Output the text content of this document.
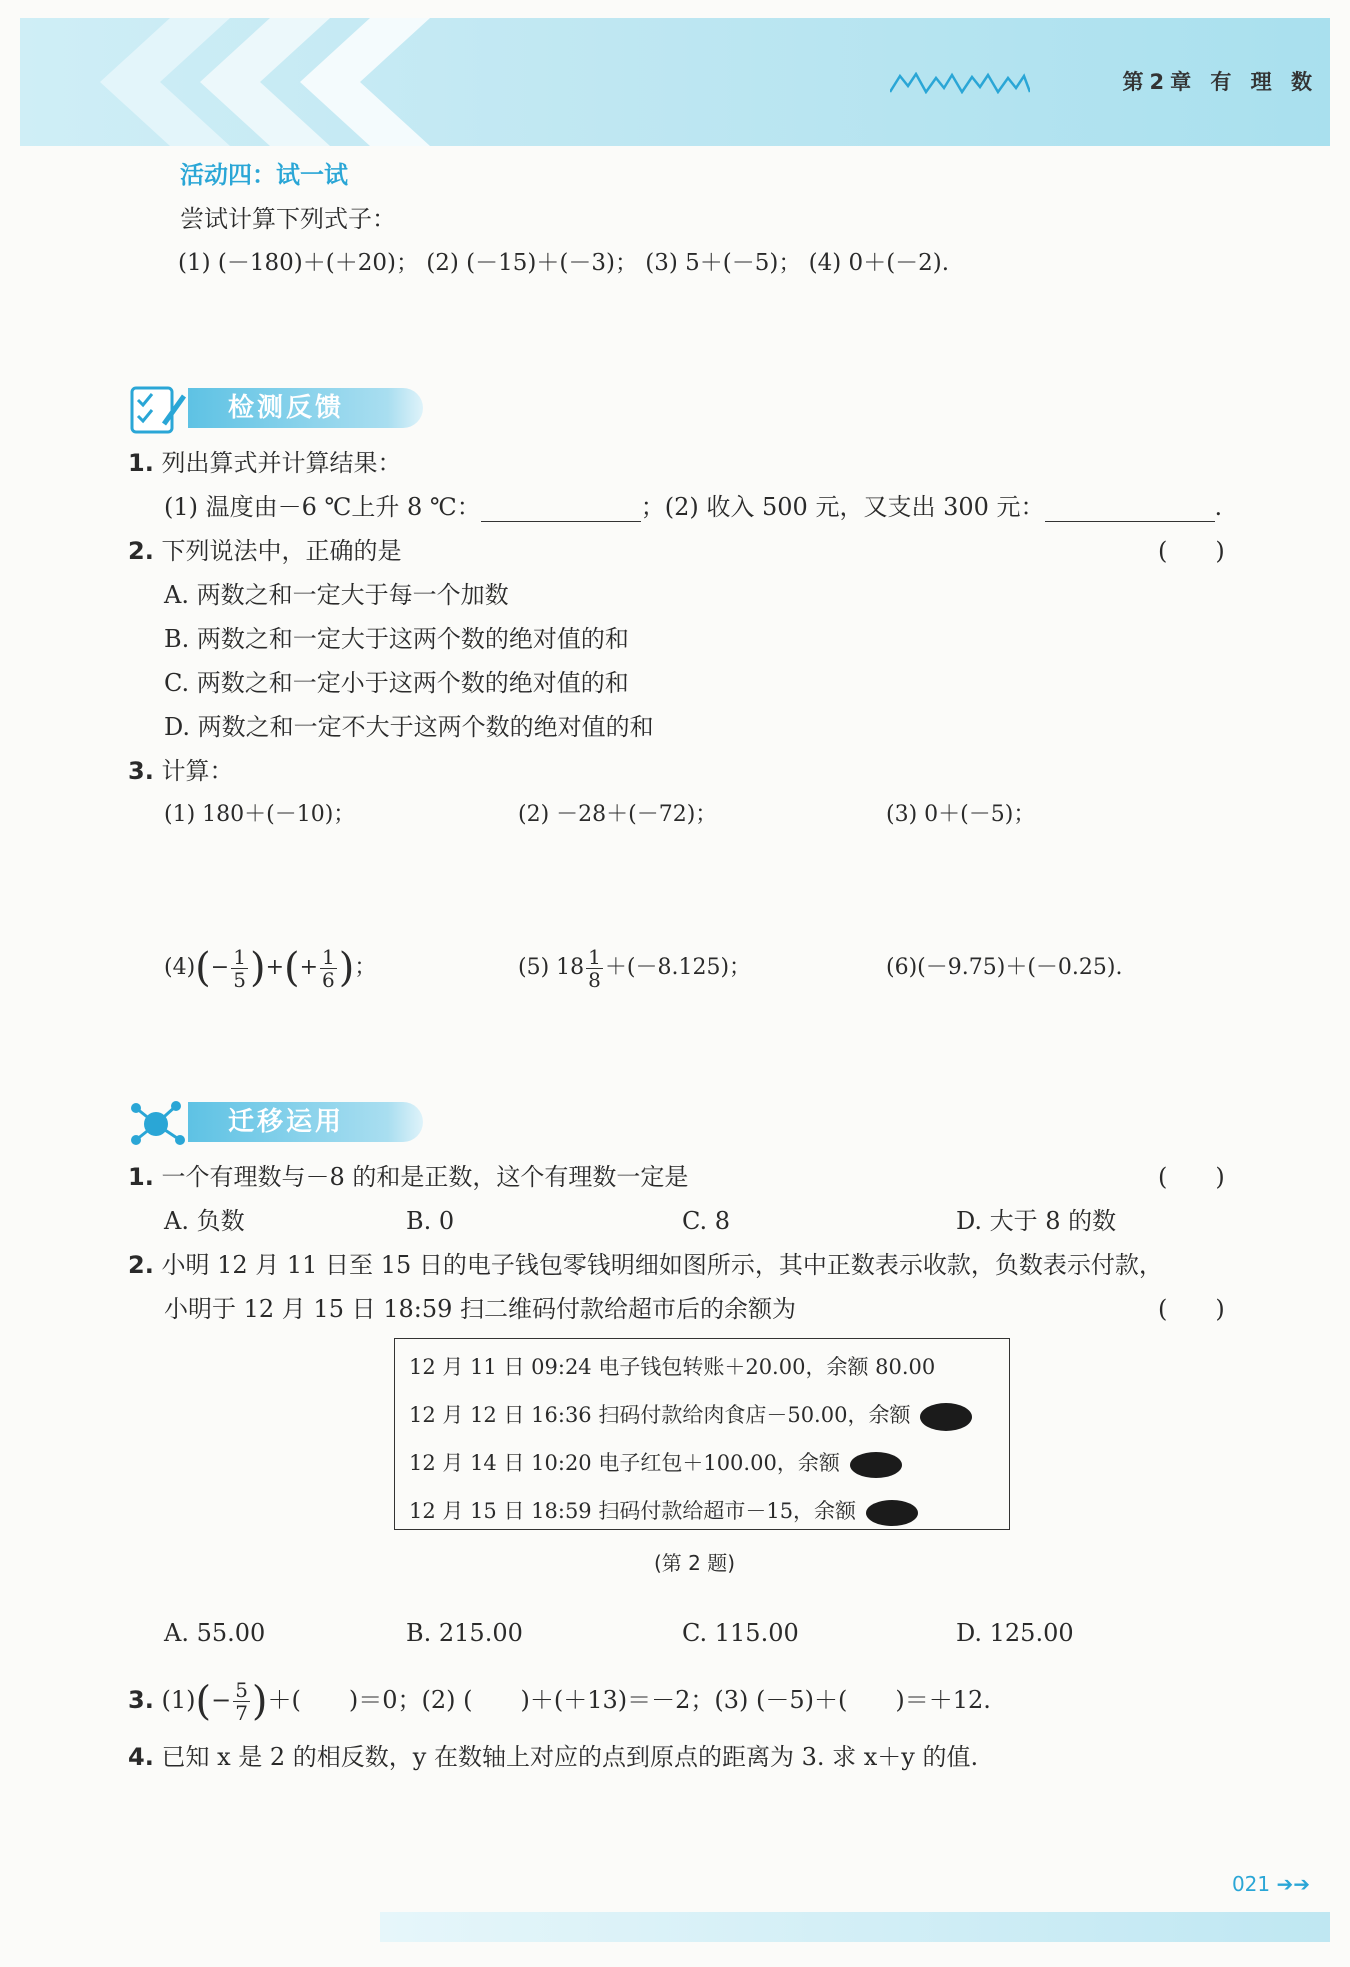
第2章 有 理 数
活动四：试一试
尝试计算下列式子：
(1) (－180)＋(＋20)； (2) (－15)＋(－3)； (3) 5＋(－5)； (4) 0＋(－2).
检测反馈
1. 列出算式并计算结果：
(1) 温度由－6 ℃上升 8 ℃：	；(2) 收入 500 元，又支出 300 元：	.
2. 下列说法中，正确的是	(　　)
A. 两数之和一定大于每一个加数
B. 两数之和一定大于这两个数的绝对值的和
C. 两数之和一定小于这两个数的绝对值的和
D. 两数之和一定不大于这两个数的绝对值的和
3. 计算：
(1) 180＋(－10)；	(2) －28＋(－72)；	(3) 0＋(－5)；
$(4)(- \frac{1}{5}$ )+(+ $\frac{1}{6}$ )；	(5) $18 \frac{1}{8} +(-8.125)$；	(6)(－9.75)＋(－0.25).
迁移运用
1. 一个有理数与－8 的和是正数，这个有理数一定是	(　　)
A. 负数	B. 0	C. 8	D. 大于 8 的数
2. 小明 12 月 11 日至 15 日的电子钱包零钱明细如图所示，其中正数表示收款，负数表示付款，
小明于 12 月 15 日 18:59 扫二维码付款给超市后的余额为	(　　)
12 月 11 日 09:24 电子钱包转账＋20.00，余额 80.00
12 月 12 日 16:36 扫码付款给肉食店－50.00，余额
12 月 14 日 10:20 电子红包＋100.00，余额
12 月 15 日 18:59 扫码付款给超市－15，余额
(第 2 题)
A. 55.00	B. 215.00	C. 115.00	D. 125.00
3. $(1)(- \frac{5}{7}$ )＋(　　)＝0；(2) (　　)＋(＋13)＝－2；(3) (－5)＋(　　)＝＋12.
4. 已知 x 是 2 的相反数，y 在数轴上对应的点到原点的距离为 3. 求 x＋y 的值.
021 ➔➔
